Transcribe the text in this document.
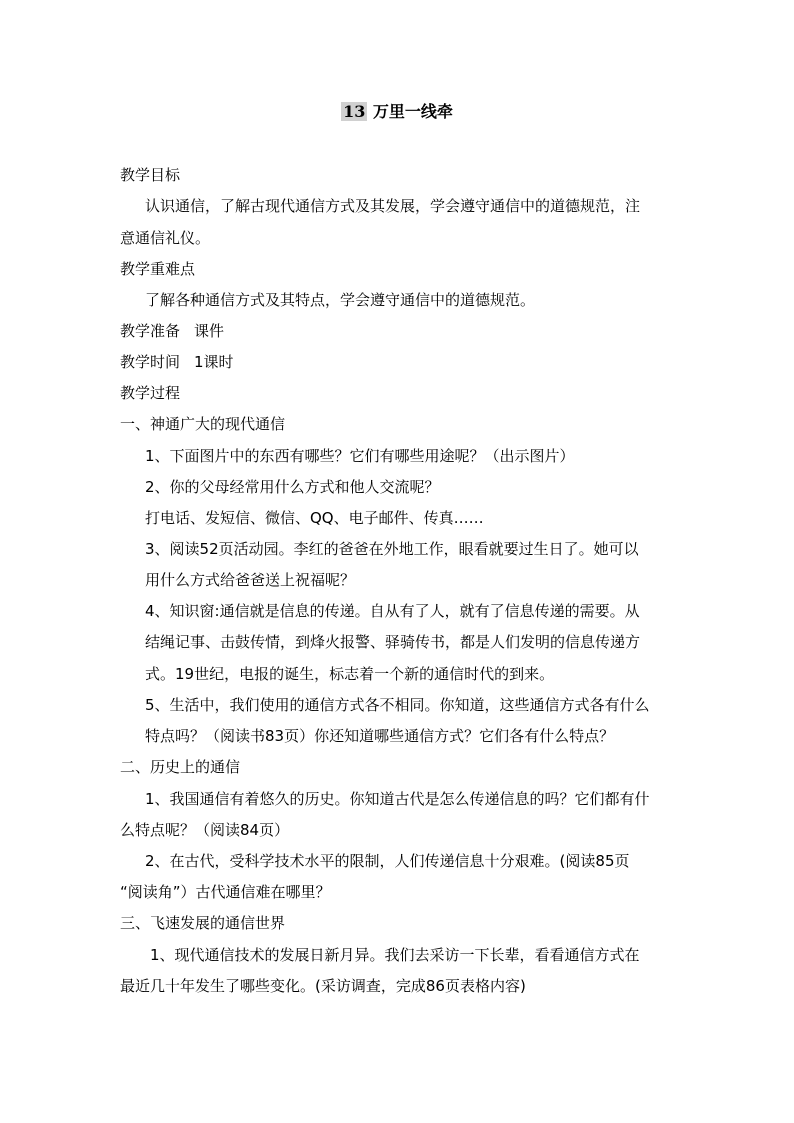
13 万里一线牵
教学目标
认识通信，了解古现代通信方式及其发展，学会遵守通信中的道德规范，注
意通信礼仪。
教学重难点
了解各种通信方式及其特点，学会遵守通信中的道德规范。
教学准备 课件
教学时间 1课时
教学过程
一、神通广大的现代通信
1、下面图片中的东西有哪些？它们有哪些用途呢？（出示图片）
2、你的父母经常用什么方式和他人交流呢？
打电话、发短信、微信、QQ、电子邮件、传真……
3、阅读52页活动园。李红的爸爸在外地工作，眼看就要过生日了。她可以
用什么方式给爸爸送上祝福呢？
4、知识窗:通信就是信息的传递。自从有了人，就有了信息传递的需要。从
结绳记事、击鼓传情，到烽火报警、驿骑传书，都是人们发明的信息传递方
式。19世纪，电报的诞生，标志着一个新的通信时代的到来。
5、生活中，我们使用的通信方式各不相同。你知道，这些通信方式各有什么
特点吗？（阅读书83页）你还知道哪些通信方式？它们各有什么特点？
二、历史上的通信
1、我国通信有着悠久的历史。你知道古代是怎么传递信息的吗？它们都有什
么特点呢？（阅读84页）
2、在古代，受科学技术水平的限制，人们传递信息十分艰难。(阅读85页
“阅读角”）古代通信难在哪里？
三、飞速发展的通信世界
1、现代通信技术的发展日新月异。我们去采访一下长辈，看看通信方式在
最近几十年发生了哪些变化。(采访调查，完成86页表格内容)
